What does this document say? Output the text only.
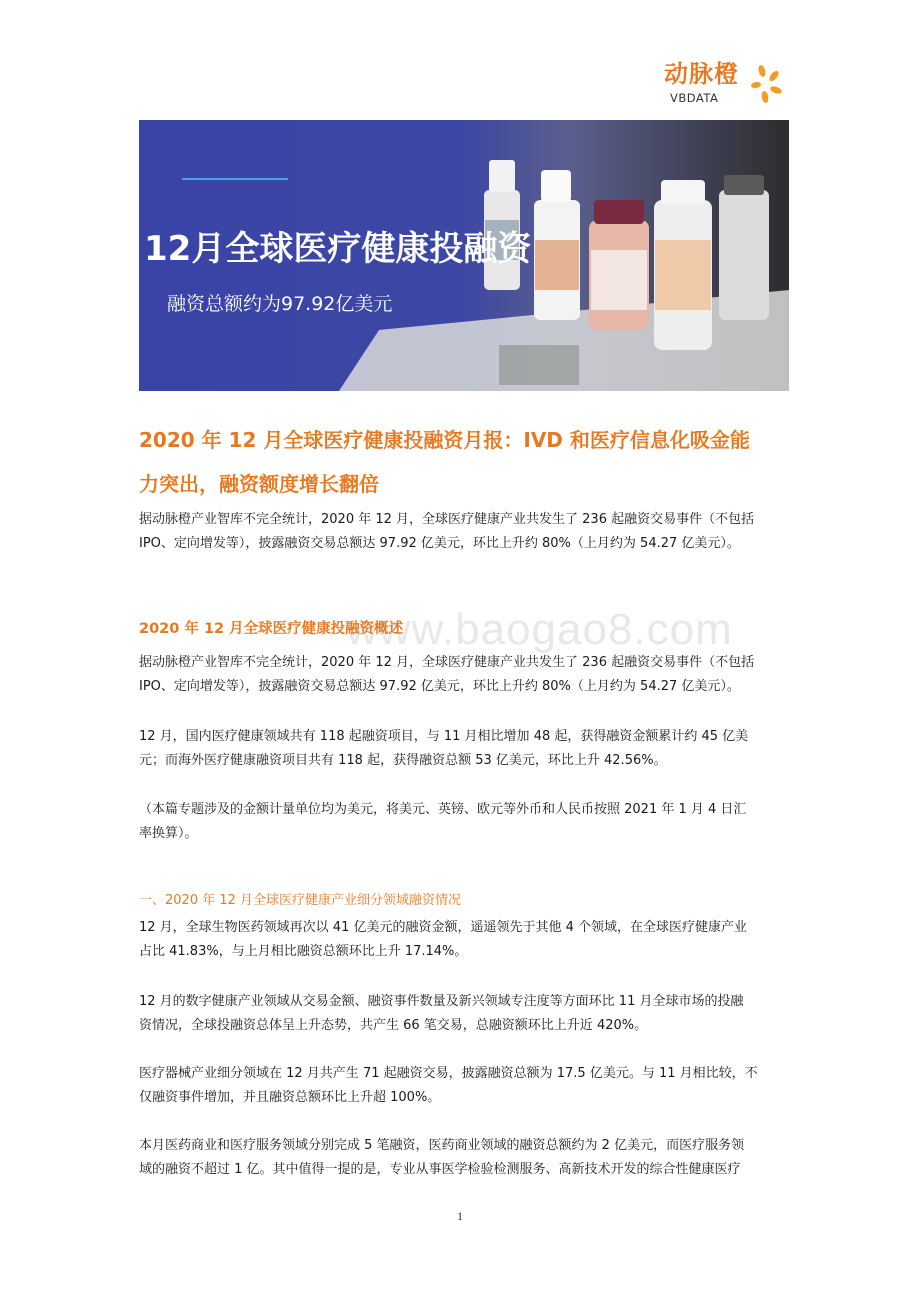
动脉橙
VBDATA
12月全球医疗健康投融资
融资总额约为97.92亿美元
2020 年 12 月全球医疗健康投融资月报：IVD 和医疗信息化吸金能
力突出，融资额度增长翻倍
据动脉橙产业智库不完全统计，2020 年 12 月，全球医疗健康产业共发生了 236 起融资交易事件（不包括
IPO、定向增发等），披露融资交易总额达 97.92 亿美元，环比上升约 80%（上月约为 54.27 亿美元）。
2020 年 12 月全球医疗健康投融资概述
www.baogao8.com
据动脉橙产业智库不完全统计，2020 年 12 月，全球医疗健康产业共发生了 236 起融资交易事件（不包括
IPO、定向增发等），披露融资交易总额达 97.92 亿美元，环比上升约 80%（上月约为 54.27 亿美元）。
12 月，国内医疗健康领域共有 118 起融资项目，与 11 月相比增加 48 起，获得融资金额累计约 45 亿美
元；而海外医疗健康融资项目共有 118 起，获得融资总额 53 亿美元，环比上升 42.56%。
（本篇专题涉及的金额计量单位均为美元，将美元、英镑、欧元等外币和人民币按照 2021 年 1 月 4 日汇
率换算）。
一、2020 年 12 月全球医疗健康产业细分领域融资情况
12 月，全球生物医药领域再次以 41 亿美元的融资金额，遥遥领先于其他 4 个领域，在全球医疗健康产业
占比 41.83%，与上月相比融资总额环比上升 17.14%。
12 月的数字健康产业领域从交易金额、融资事件数量及新兴领域专注度等方面环比 11 月全球市场的投融
资情况，全球投融资总体呈上升态势，共产生 66 笔交易，总融资额环比上升近 420%。
医疗器械产业细分领域在 12 月共产生 71 起融资交易，披露融资总额为 17.5 亿美元。与 11 月相比较，不
仅融资事件增加，并且融资总额环比上升超 100%。
本月医药商业和医疗服务领域分别完成 5 笔融资，医药商业领域的融资总额约为 2 亿美元，而医疗服务领
域的融资不超过 1 亿。其中值得一提的是，专业从事医学检验检测服务、高新技术开发的综合性健康医疗
1
